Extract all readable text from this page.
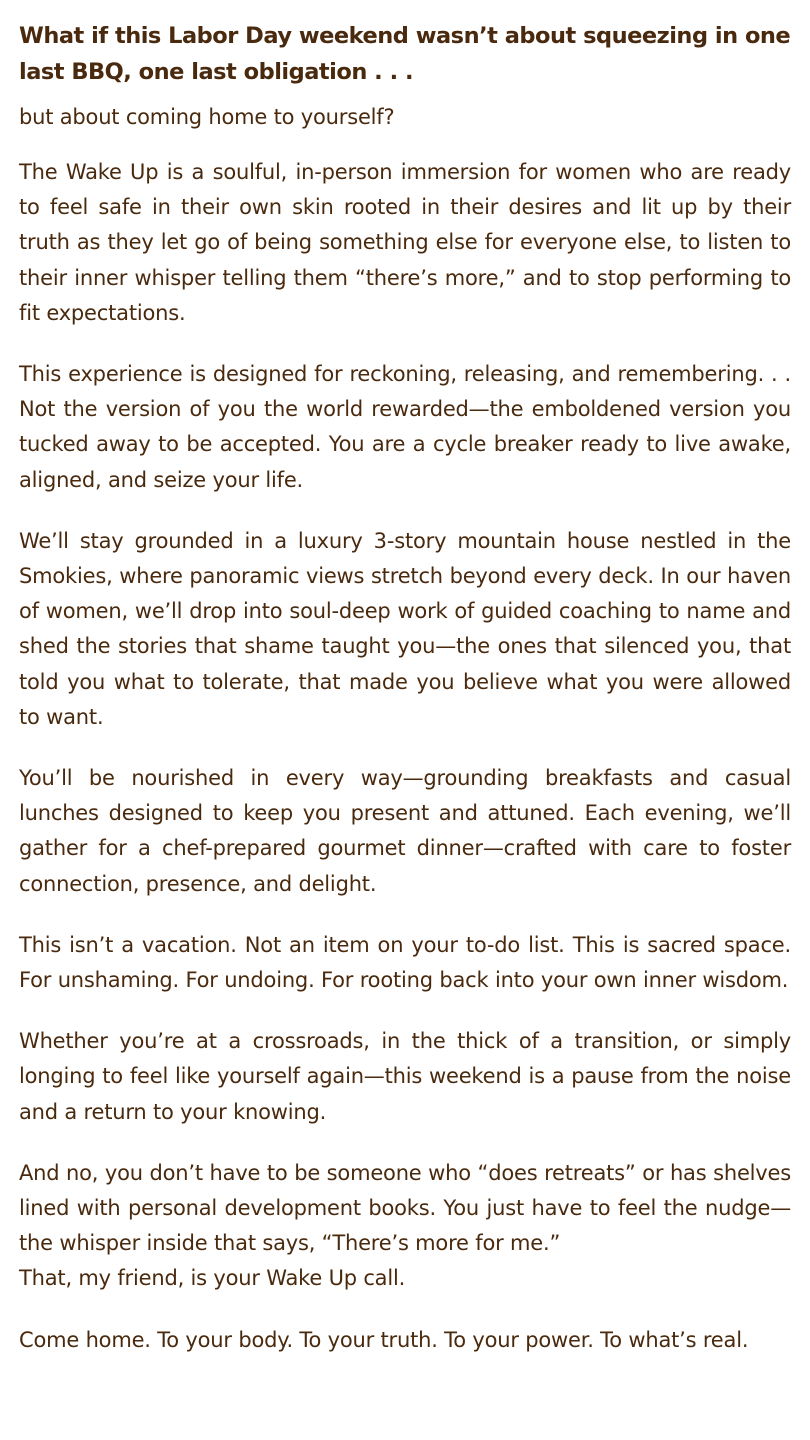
What if this Labor Day weekend wasn’t about squeezing in one last BBQ, one last obligation . . .

but about coming home to yourself?

The Wake Up is a soulful, in-person immersion for women who are ready to feel safe in their own skin rooted in their desires and lit up by their truth as they let go of being something else for everyone else, to listen to their inner whisper telling them “there’s more,” and to stop performing to fit expectations.

This experience is designed for reckoning, releasing, and remembering. . . Not the version of you the world rewarded—the emboldened version you tucked away to be accepted. You are a cycle breaker ready to live awake, aligned, and seize your life.

We’ll stay grounded in a luxury 3-story mountain house nestled in the Smokies, where panoramic views stretch beyond every deck. In our haven of women, we’ll drop into soul-deep work of guided coaching to name and shed the stories that shame taught you—the ones that silenced you, that told you what to tolerate, that made you believe what you were allowed to want.

You’ll be nourished in every way—grounding breakfasts and casual lunches designed to keep you present and attuned. Each evening, we’ll gather for a chef-prepared gourmet dinner—crafted with care to foster connection, presence, and delight.

This isn’t a vacation. Not an item on your to-do list. This is sacred space. For unshaming. For undoing. For rooting back into your own inner wisdom.

Whether you’re at a crossroads, in the thick of a transition, or simply longing to feel like yourself again—this weekend is a pause from the noise and a return to your knowing.

And no, you don’t have to be someone who “does retreats” or has shelves lined with personal development books. You just have to feel the nudge—the whisper inside that says, “There’s more for me.”
That, my friend, is your Wake Up call.

Come home. To your body. To your truth. To your power. To what’s real.
